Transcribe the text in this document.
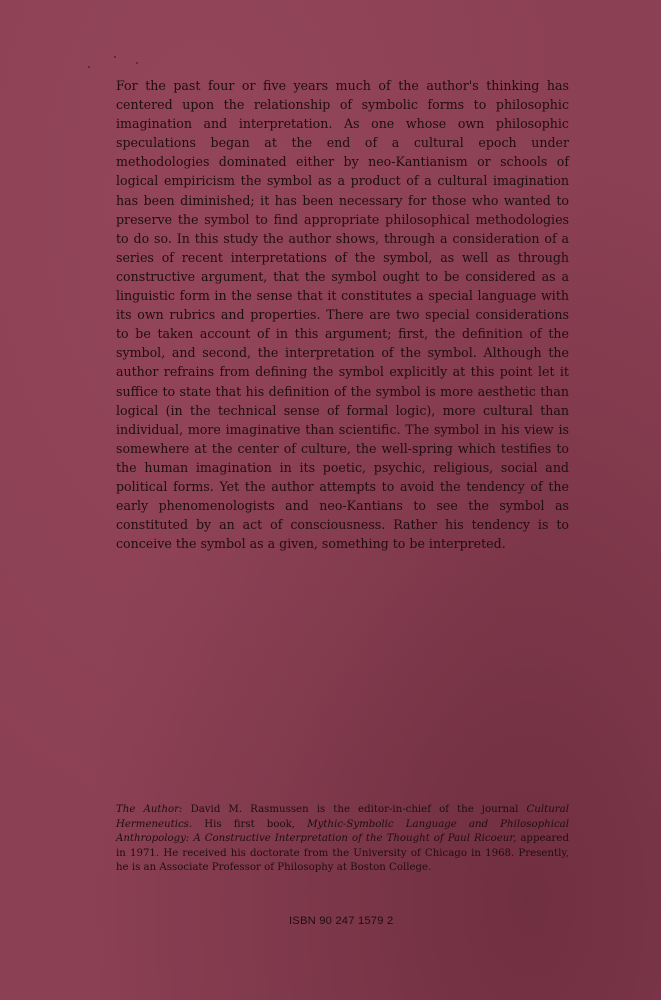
For the past four or five years much of the author's thinking has centered upon the relationship of symbolic forms to philosophic imagination and interpretation. As one whose own philosophic speculations began at the end of a cultural epoch under methodologies dominated either by neo-Kantianism or schools of logical empiricism the symbol as a product of a cultural imagination has been diminished; it has been necessary for those who wanted to preserve the symbol to find appropriate philosophical methodologies to do so. In this study the author shows, through a consideration of a series of recent interpretations of the symbol, as well as through constructive argument, that the symbol ought to be considered as a linguistic form in the sense that it constitutes a special language with its own rubrics and properties. There are two special considerations to be taken account of in this argument; first, the definition of the symbol, and second, the interpretation of the symbol. Although the author refrains from defining the symbol explicitly at this point let it suffice to state that his definition of the symbol is more aesthetic than logical (in the technical sense of formal logic), more cultural than individual, more imaginative than scientific. The symbol in his view is somewhere at the center of culture, the well-spring which testifies to the human imagination in its poetic, psychic, religious, social and political forms. Yet the author attempts to avoid the tendency of the early phenomenologists and neo-Kantians to see the symbol as constituted by an act of consciousness. Rather his tendency is to conceive the symbol as a given, something to be interpreted.

The Author: David M. Rasmussen is the editor-in-chief of the journal Cultural Hermeneutics. His first book, Mythic-Symbolic Language and Philosophical Anthropology: A Constructive Interpretation of the Thought of Paul Ricoeur, appeared in 1971. He received his doctorate from the University of Chicago in 1968. Presently, he is an Associate Professor of Philosophy at Boston College.

ISBN 90 247 1579 2
